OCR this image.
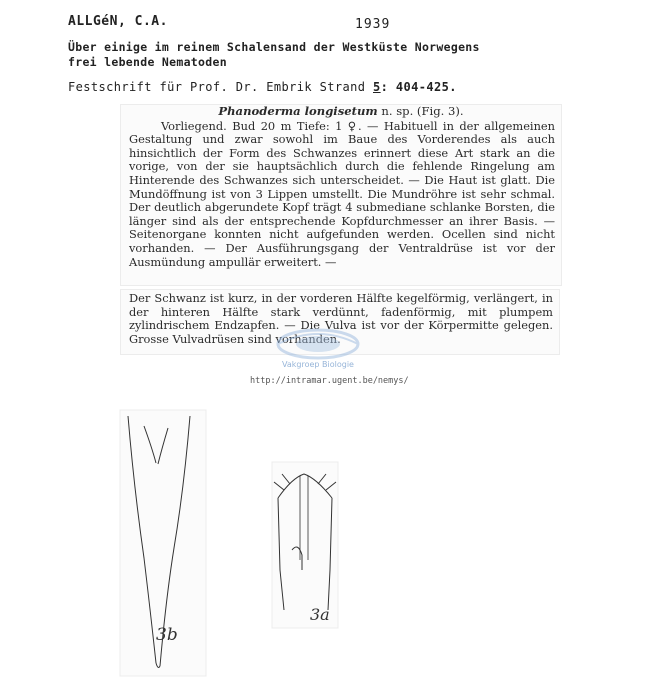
ALLGéN, C.A.	1939
Über einige im reinem Schalensand der Westküste Norwegens
frei lebende Nematoden
Festschrift für Prof. Dr. Embrik Strand 5: 404-425.

Phanoderma longisetum n. sp. (Fig. 3).

Vorliegend. Bud 20 m Tiefe: 1 ♀. — Habituell in der allgemeinen Gestaltung und zwar sowohl im Baue des Vorderendes als auch hinsichtlich der Form des Schwanzes erinnert diese Art stark an die vorige, von der sie hauptsächlich durch die fehlende Ringelung am Hinterende des Schwanzes sich unterscheidet. — Die Haut ist glatt. Die Mundöffnung ist von 3 Lippen umstellt. Die Mundröhre ist sehr schmal. Der deutlich abgerundete Kopf trägt 4 submediane schlanke Borsten, die länger sind als der entsprechende Kopfdurchmesser an ihrer Basis. — Seitenorgane konnten nicht aufgefunden werden. Ocellen sind nicht vorhanden. — Der Ausführungsgang der Ventraldrüse ist vor der Ausmündung ampullär erweitert. —

Der Schwanz ist kurz, in der vorderen Hälfte kegelförmig, verlängert, in der hinteren Hälfte stark verdünnt, fadenförmig, mit plumpem zylindrischem Endzapfen. — Die Vulva ist vor der Körpermitte gelegen. Grosse Vulvadrüsen sind vorhanden.

Vakgroep Biologie
http://intramar.ugent.be/nemys/
3b
3a
